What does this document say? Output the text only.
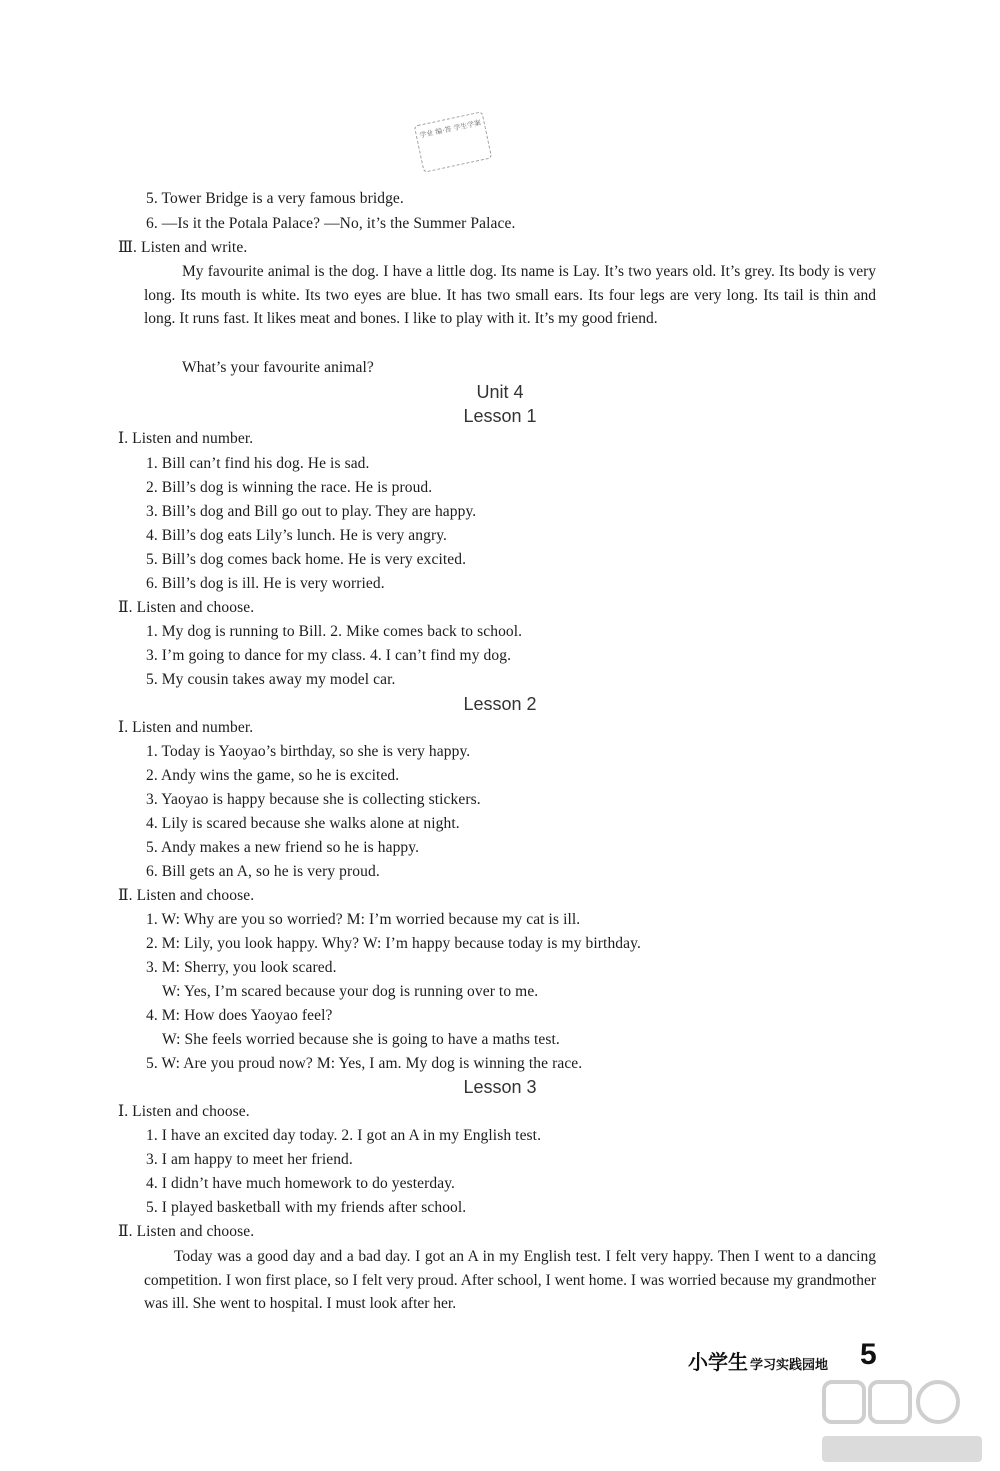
学业 编·答 学生学案
5. Tower Bridge is a very famous bridge.
6. —Is it the Potala Palace? —No, it’s the Summer Palace.
Ⅲ. Listen and write.
My favourite animal is the dog. I have a little dog. Its name is Lay. It’s two years old. It’s grey. Its body is very long. Its mouth is white. Its two eyes are blue. It has two small ears. Its four legs are very long. Its tail is thin and long. It runs fast. It likes meat and bones. I like to play with it. It’s my good friend.
What’s your favourite animal?
Unit 4
Lesson 1
Ⅰ. Listen and number.
1. Bill can’t find his dog. He is sad.
2. Bill’s dog is winning the race. He is proud.
3. Bill’s dog and Bill go out to play. They are happy.
4. Bill’s dog eats Lily’s lunch. He is very angry.
5. Bill’s dog comes back home. He is very excited.
6. Bill’s dog is ill. He is very worried.
Ⅱ. Listen and choose.
1. My dog is running to Bill. 2. Mike comes back to school.
3. I’m going to dance for my class. 4. I can’t find my dog.
5. My cousin takes away my model car.
Lesson 2
Ⅰ. Listen and number.
1. Today is Yaoyao’s birthday, so she is very happy.
2. Andy wins the game, so he is excited.
3. Yaoyao is happy because she is collecting stickers.
4. Lily is scared because she walks alone at night.
5. Andy makes a new friend so he is happy.
6. Bill gets an A, so he is very proud.
Ⅱ. Listen and choose.
1. W: Why are you so worried? M: I’m worried because my cat is ill.
2. M: Lily, you look happy. Why? W: I’m happy because today is my birthday.
3. M: Sherry, you look scared.
W: Yes, I’m scared because your dog is running over to me.
4. M: How does Yaoyao feel?
W: She feels worried because she is going to have a maths test.
5. W: Are you proud now? M: Yes, I am. My dog is winning the race.
Lesson 3
Ⅰ. Listen and choose.
1. I have an excited day today. 2. I got an A in my English test.
3. I am happy to meet her friend.
4. I didn’t have much homework to do yesterday.
5. I played basketball with my friends after school.
Ⅱ. Listen and choose.
Today was a good day and a bad day. I got an A in my English test. I felt very happy. Then I went to a dancing competition. I won first place, so I felt very proud. After school, I went home. I was worried because my grandmother was ill. She went to hospital. I must look after her.
小学生 学习实践园地 5
